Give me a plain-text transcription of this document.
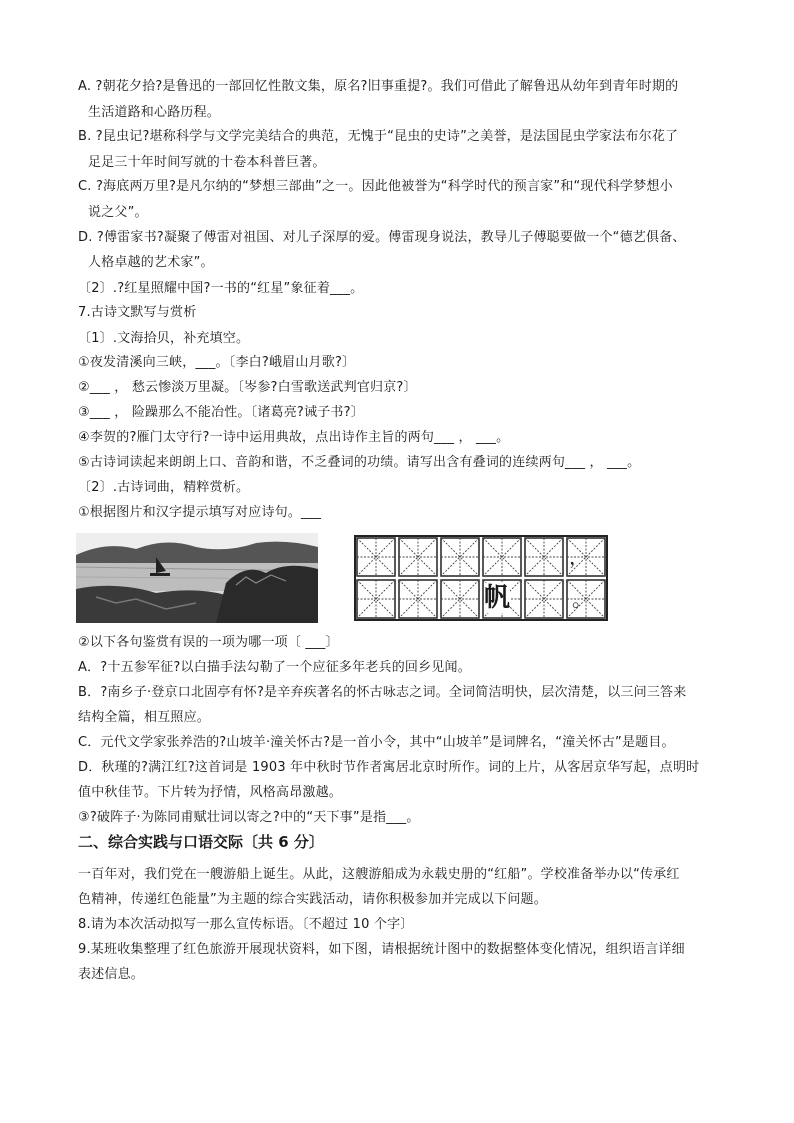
A. ?朝花夕拾?是鲁迅的一部回忆性散文集，原名?旧事重提?。我们可借此了解鲁迅从幼年到青年时期的
生活道路和心路历程。
B. ?昆虫记?堪称科学与文学完美结合的典范，无愧于“昆虫的史诗”之美誉，是法国昆虫学家法布尔花了
足足三十年时间写就的十卷本科普巨著。
C. ?海底两万里?是凡尔纳的“梦想三部曲”之一。因此他被誉为“科学时代的预言家”和“现代科学梦想小
说之父”。
D. ?傅雷家书?凝聚了傅雷对祖国、对儿子深厚的爱。傅雷现身说法，教导儿子傅聪要做一个“德艺俱备、
人格卓越的艺术家”。
〔2〕.?红星照耀中国?一书的“红星”象征着___。
7.古诗文默写与赏析
〔1〕.文海拾贝，补充填空。
①夜发清溪向三峡，___。〔李白?峨眉山月歌?〕
②___ ， 愁云惨淡万里凝。〔岑参?白雪歌送武判官归京?〕
③___ ， 险躁那么不能冶性。〔诸葛亮?诫子书?〕
④李贺的?雁门太守行?一诗中运用典故，点出诗作主旨的两句___ ， ___。
⑤古诗词读起来朗朗上口、音韵和谐，不乏叠词的功绩。请写出含有叠词的连续两句___ ， ___。
〔2〕.古诗词曲，精粹赏析。
①根据图片和汉字提示填写对应诗句。___
，
帆	。
②以下各句鉴赏有误的一项为哪一项〔 ___〕
A．?十五参军征?以白描手法勾勒了一个应征多年老兵的回乡见闻。
B．?南乡子·登京口北固亭有怀?是辛弃疾著名的怀古咏志之词。全词简洁明快，层次清楚，以三问三答来
结构全篇，相互照应。
C．元代文学家张养浩的?山坡羊·潼关怀古?是一首小令，其中“山坡羊”是词牌名，“潼关怀古”是题目。
D．秋瑾的?满江红?这首词是 1903 年中秋时节作者寓居北京时所作。词的上片，从客居京华写起，点明时
值中秋佳节。下片转为抒情，风格高昂激越。
③?破阵子·为陈同甫赋壮词以寄之?中的“天下事”是指___。
二、综合实践与口语交际〔共 6 分〕
一百年对，我们党在一艘游船上诞生。从此，这艘游船成为永载史册的“红船”。学校准备举办以“传承红
色精神，传递红色能量”为主题的综合实践活动，请你积极参加并完成以下问题。
8.请为本次活动拟写一那么宣传标语。〔不超过 10 个字〕
9.某班收集整理了红色旅游开展现状资料，如下图，请根据统计图中的数据整体变化情况，组织语言详细
表述信息。
